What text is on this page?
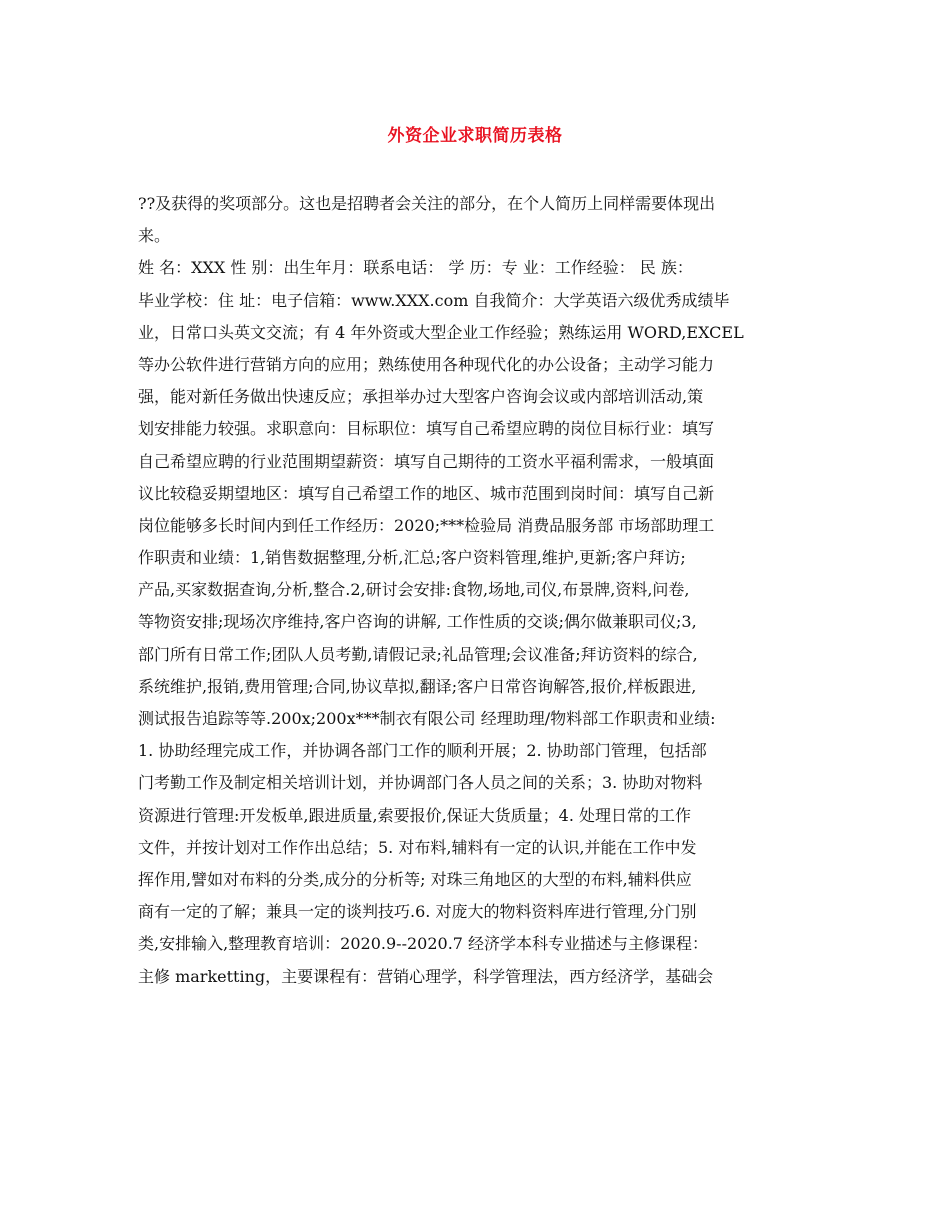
外资企业求职简历表格
??及获得的奖项部分。这也是招聘者会关注的部分，在个人简历上同样需要体现出
来。
姓 名：XXX 性 别：出生年月：联系电话： 学 历：专 业：工作经验： 民 族：
毕业学校：住 址：电子信箱：www.XXX.com 自我简介：大学英语六级优秀成绩毕
业，日常口头英文交流；有 4 年外资或大型企业工作经验；熟练运用 WORD,EXCEL
等办公软件进行营销方向的应用；熟练使用各种现代化的办公设备；主动学习能力
强，能对新任务做出快速反应；承担举办过大型客户咨询会议或内部培训活动,策
划安排能力较强。求职意向：目标职位：填写自己希望应聘的岗位目标行业：填写
自己希望应聘的行业范围期望薪资：填写自己期待的工资水平福利需求，一般填面
议比较稳妥期望地区：填写自己希望工作的地区、城市范围到岗时间：填写自己新
岗位能够多长时间内到任工作经历：2020;***检验局 消费品服务部 市场部助理工
作职责和业绩：1,销售数据整理,分析,汇总;客户资料管理,维护,更新;客户拜访;
产品,买家数据查询,分析,整合.2,研讨会安排:食物,场地,司仪,布景牌,资料,问卷,
等物资安排;现场次序维持,客户咨询的讲解, 工作性质的交谈;偶尔做兼职司仪;3,
部门所有日常工作;团队人员考勤,请假记录;礼品管理;会议准备;拜访资料的综合,
系统维护,报销,费用管理;合同,协议草拟,翻译;客户日常咨询解答,报价,样板跟进,
测试报告追踪等等.200x;200x***制衣有限公司 经理助理/物料部工作职责和业绩:
1. 协助经理完成工作，并协调各部门工作的顺利开展；2. 协助部门管理，包括部
门考勤工作及制定相关培训计划，并协调部门各人员之间的关系；3. 协助对物料
资源进行管理:开发板单,跟进质量,索要报价,保证大货质量；4. 处理日常的工作
文件，并按计划对工作作出总结；5. 对布料,辅料有一定的认识,并能在工作中发
挥作用,譬如对布料的分类,成分的分析等; 对珠三角地区的大型的布料,辅料供应
商有一定的了解；兼具一定的谈判技巧.6. 对庞大的物料资料库进行管理,分门别
类,安排输入,整理教育培训：2020.9--2020.7 经济学本科专业描述与主修课程：
主修 marketting，主要课程有：营销心理学，科学管理法，西方经济学，基础会
